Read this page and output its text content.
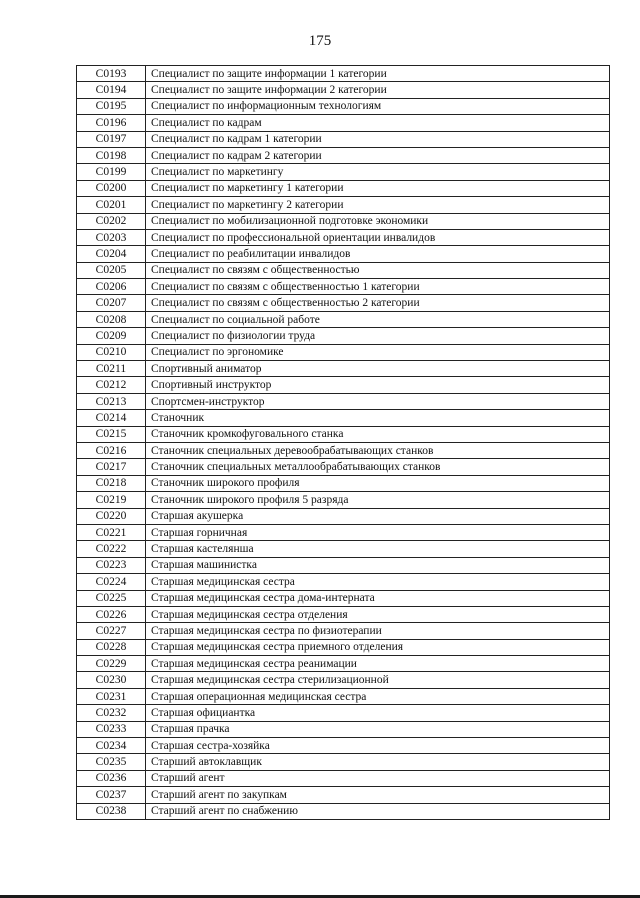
175
C0193	Специалист по защите информации 1 категории
C0194	Специалист по защите информации 2 категории
C0195	Специалист по информационным технологиям
C0196	Специалист по кадрам
C0197	Специалист по кадрам 1 категории
C0198	Специалист по кадрам 2 категории
C0199	Специалист по маркетингу
C0200	Специалист по маркетингу 1 категории
C0201	Специалист по маркетингу 2 категории
C0202	Специалист по мобилизационной подготовке экономики
C0203	Специалист по профессиональной ориентации инвалидов
C0204	Специалист по реабилитации инвалидов
C0205	Специалист по связям с общественностью
C0206	Специалист по связям с общественностью 1 категории
C0207	Специалист по связям с общественностью 2 категории
C0208	Специалист по социальной работе
C0209	Специалист по физиологии труда
C0210	Специалист по эргономике
C0211	Спортивный аниматор
C0212	Спортивный инструктор
C0213	Спортсмен-инструктор
C0214	Станочник
C0215	Станочник кромкофуговального станка
C0216	Станочник специальных деревообрабатывающих станков
C0217	Станочник специальных металлообрабатывающих станков
C0218	Станочник широкого профиля
C0219	Станочник широкого профиля 5 разряда
C0220	Старшая акушерка
C0221	Старшая горничная
C0222	Старшая кастелянша
C0223	Старшая машинистка
C0224	Старшая медицинская сестра
C0225	Старшая медицинская сестра дома-интерната
C0226	Старшая медицинская сестра отделения
C0227	Старшая медицинская сестра по физиотерапии
C0228	Старшая медицинская сестра приемного отделения
C0229	Старшая медицинская сестра реанимации
C0230	Старшая медицинская сестра стерилизационной
C0231	Старшая операционная медицинская сестра
C0232	Старшая официантка
C0233	Старшая прачка
C0234	Старшая сестра-хозяйка
C0235	Старший автоклавщик
C0236	Старший агент
C0237	Старший агент по закупкам
C0238	Старший агент по снабжению
